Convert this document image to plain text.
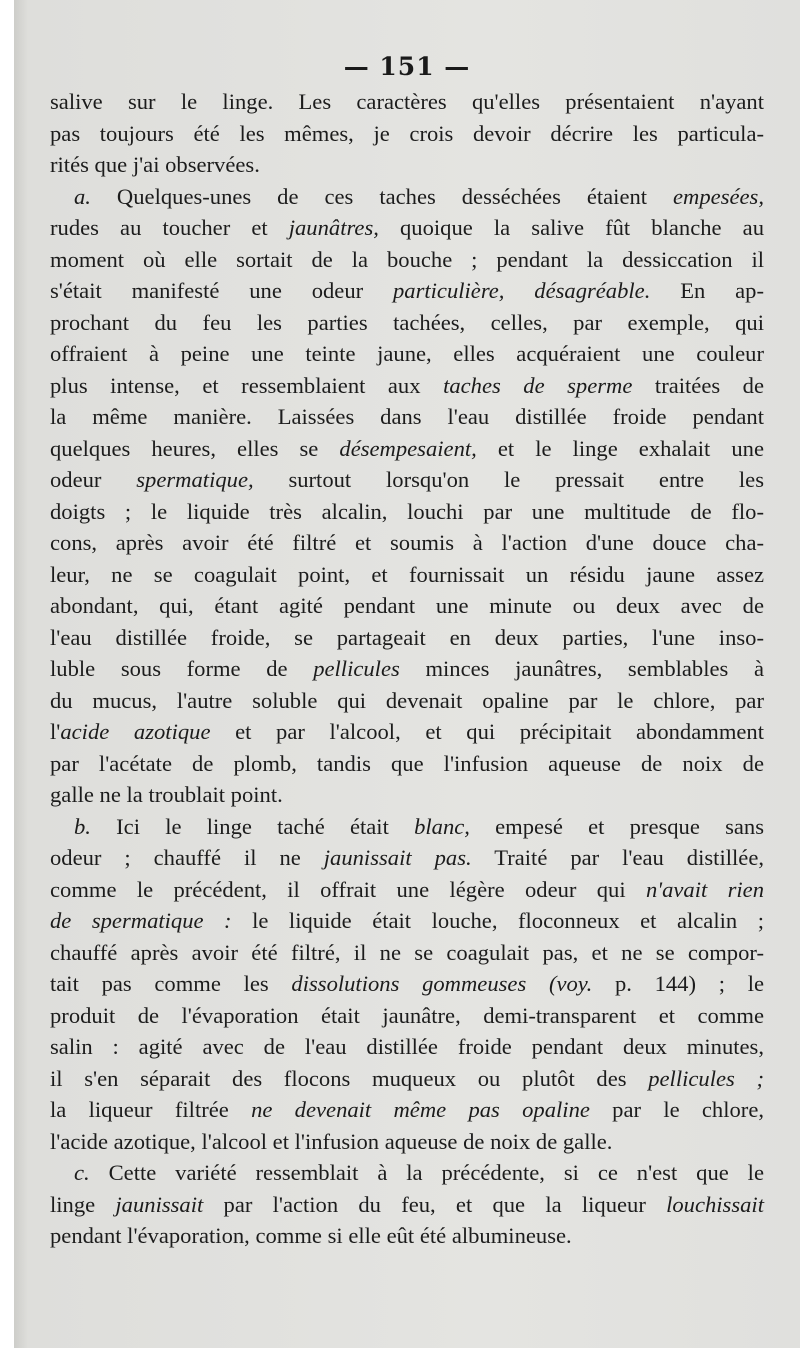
— 151 —
salive sur le linge. Les caractères qu'elles présentaient n'ayant
pas toujours été les mêmes, je crois devoir décrire les particula-
rités que j'ai observées.
a. Quelques-unes de ces taches desséchées étaient empesées,
rudes au toucher et jaunâtres, quoique la salive fût blanche au
moment où elle sortait de la bouche ; pendant la dessiccation il
s'était manifesté une odeur particulière, désagréable. En ap-
prochant du feu les parties tachées, celles, par exemple, qui
offraient à peine une teinte jaune, elles acquéraient une couleur
plus intense, et ressemblaient aux taches de sperme traitées de
la même manière. Laissées dans l'eau distillée froide pendant
quelques heures, elles se désempesaient, et le linge exhalait une
odeur spermatique, surtout lorsqu'on le pressait entre les
doigts ; le liquide très alcalin, louchi par une multitude de flo-
cons, après avoir été filtré et soumis à l'action d'une douce cha-
leur, ne se coagulait point, et fournissait un résidu jaune assez
abondant, qui, étant agité pendant une minute ou deux avec de
l'eau distillée froide, se partageait en deux parties, l'une inso-
luble sous forme de pellicules minces jaunâtres, semblables à
du mucus, l'autre soluble qui devenait opaline par le chlore, par
l'acide azotique et par l'alcool, et qui précipitait abondamment
par l'acétate de plomb, tandis que l'infusion aqueuse de noix de
galle ne la troublait point.
b. Ici le linge taché était blanc, empesé et presque sans
odeur ; chauffé il ne jaunissait pas. Traité par l'eau distillée,
comme le précédent, il offrait une légère odeur qui n'avait rien
de spermatique : le liquide était louche, floconneux et alcalin ;
chauffé après avoir été filtré, il ne se coagulait pas, et ne se compor-
tait pas comme les dissolutions gommeuses (voy. p. 144) ; le
produit de l'évaporation était jaunâtre, demi-transparent et comme
salin : agité avec de l'eau distillée froide pendant deux minutes,
il s'en séparait des flocons muqueux ou plutôt des pellicules ;
la liqueur filtrée ne devenait même pas opaline par le chlore,
l'acide azotique, l'alcool et l'infusion aqueuse de noix de galle.
c. Cette variété ressemblait à la précédente, si ce n'est que le
linge jaunissait par l'action du feu, et que la liqueur louchissait
pendant l'évaporation, comme si elle eût été albumineuse.
